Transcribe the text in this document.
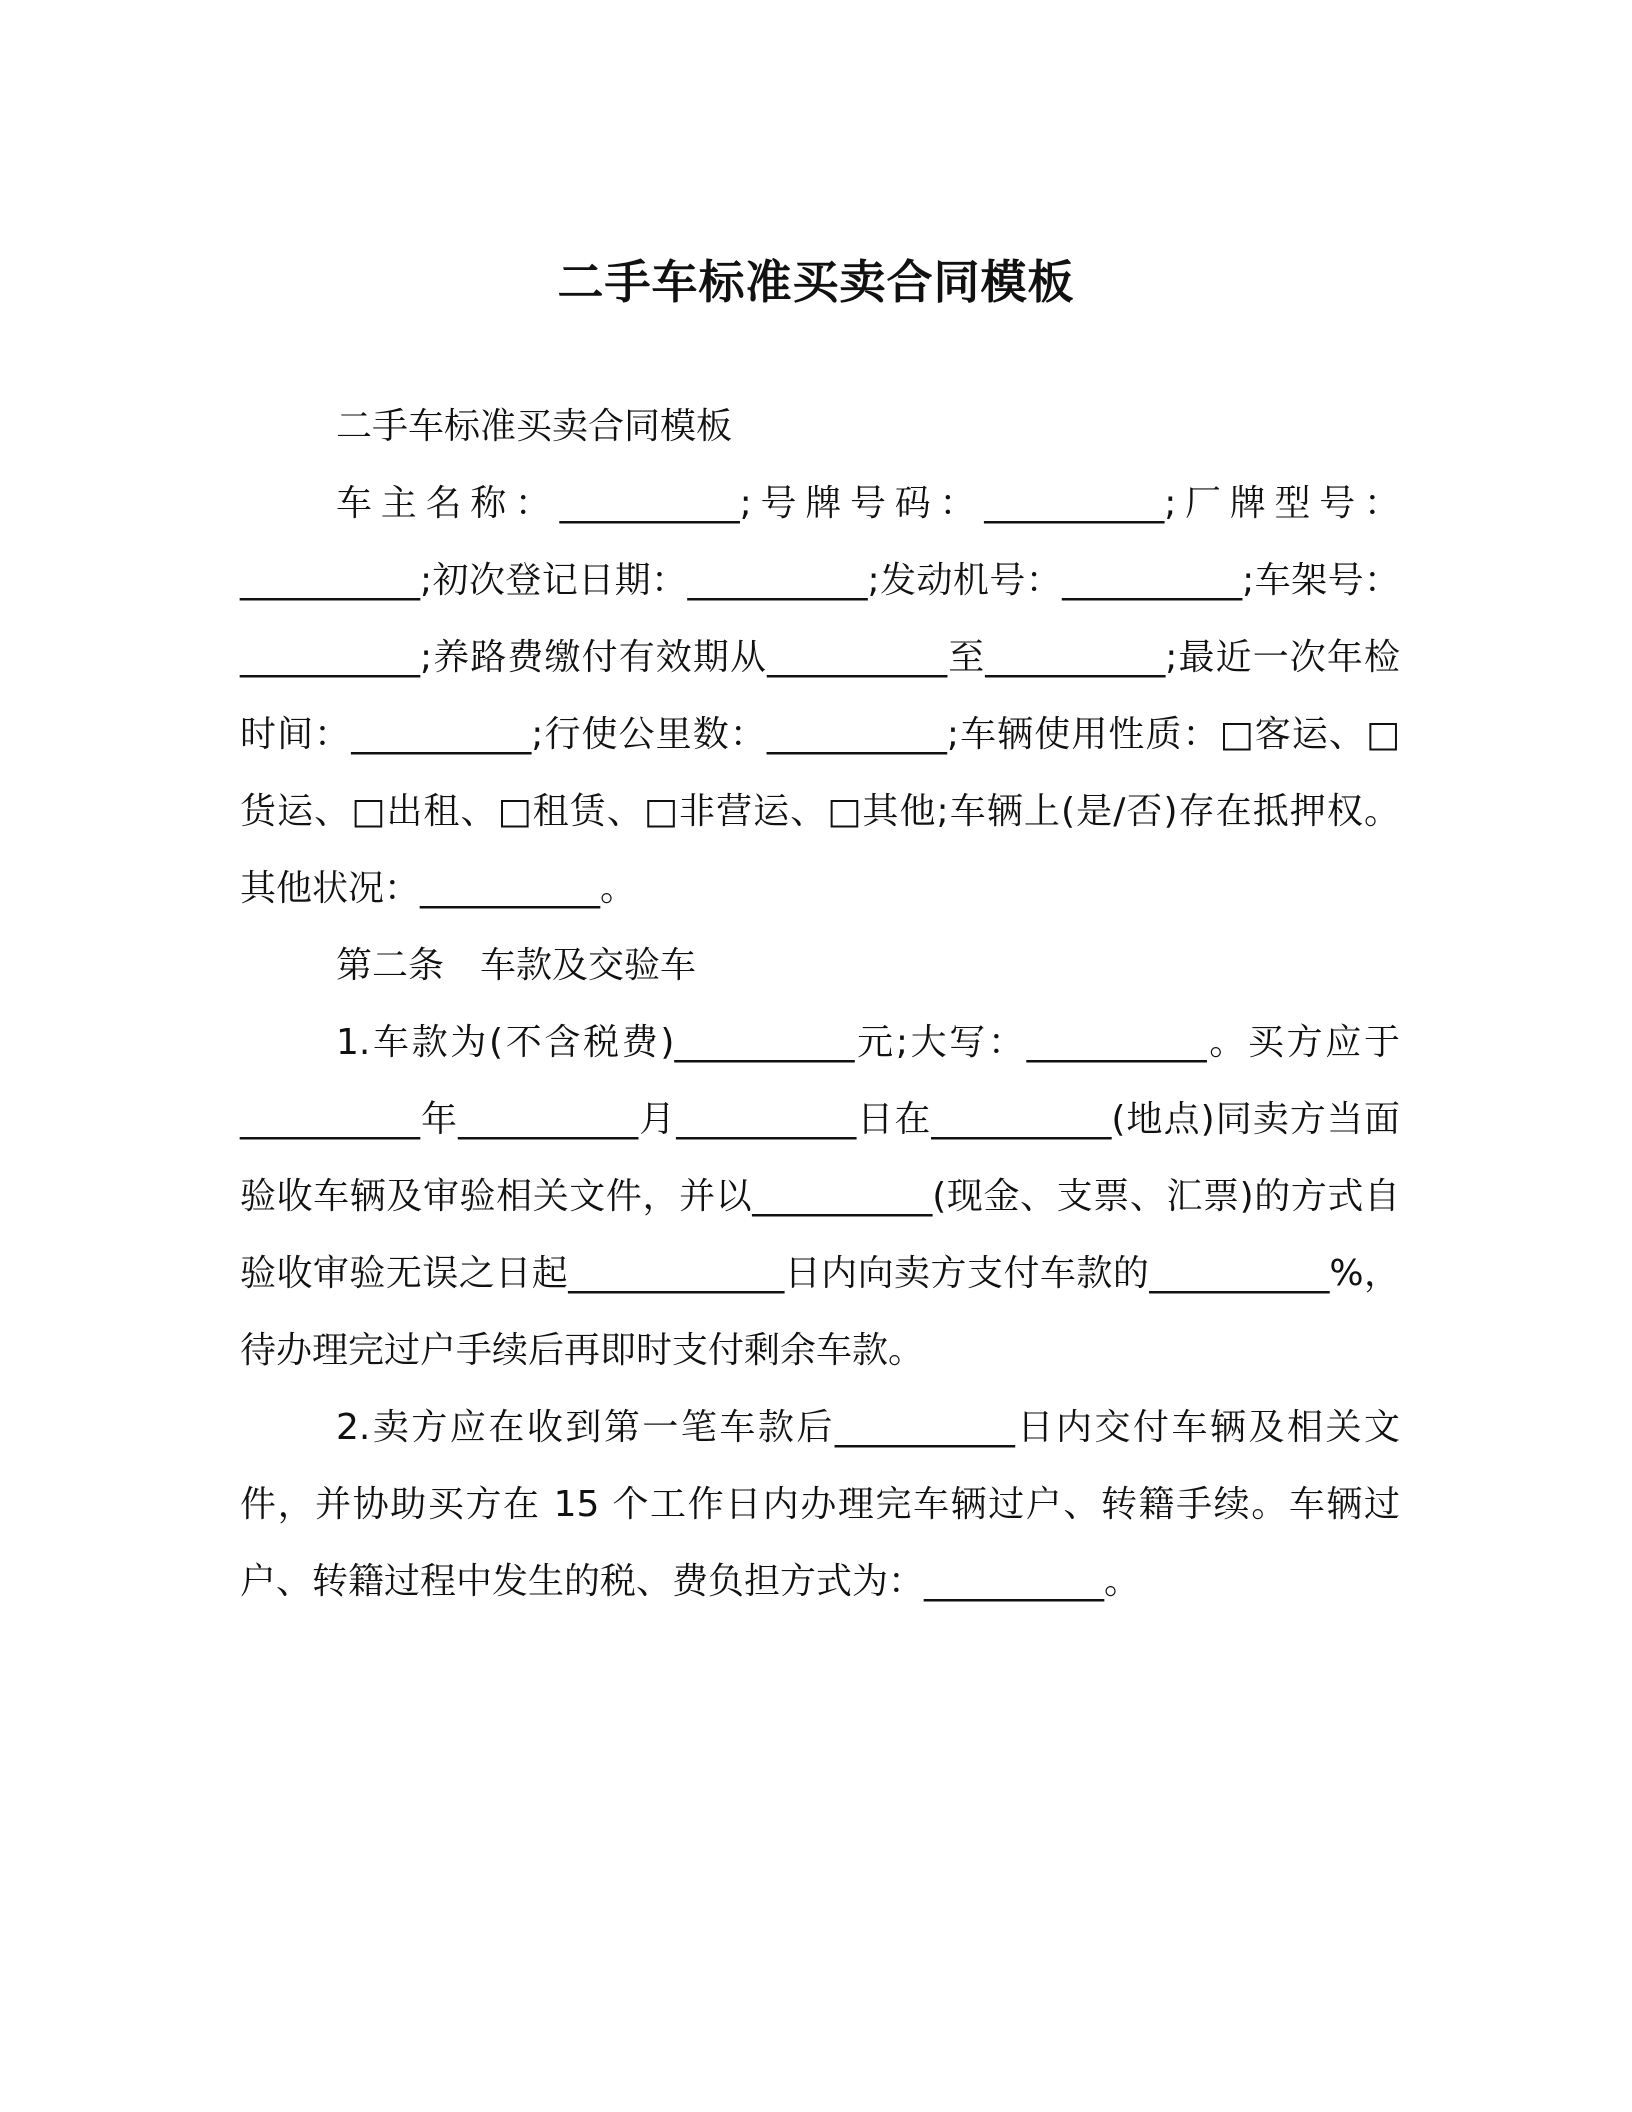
二手车标准买卖合同模板

二手车标准买卖合同模板

车主名称：__________;号牌号码：__________;厂牌型号：__________;初次登记日期：__________;发动机号：__________;车架号：__________;养路费缴付有效期从__________至__________;最近一次年检时间：__________;行使公里数：__________;车辆使用性质：□客运、□货运、□出租、□租赁、□非营运、□其他;车辆上(是/否)存在抵押权。其他状况：__________。

第二条　车款及交验车

1.车款为(不含税费)__________元;大写：__________。买方应于__________年__________月__________日在__________(地点)同卖方当面验收车辆及审验相关文件，并以__________(现金、支票、汇票)的方式自验收审验无误之日起____________日内向卖方支付车款的__________%，待办理完过户手续后再即时支付剩余车款。

2.卖方应在收到第一笔车款后__________日内交付车辆及相关文件，并协助买方在 15 个工作日内办理完车辆过户、转籍手续。车辆过户、转籍过程中发生的税、费负担方式为：__________。
